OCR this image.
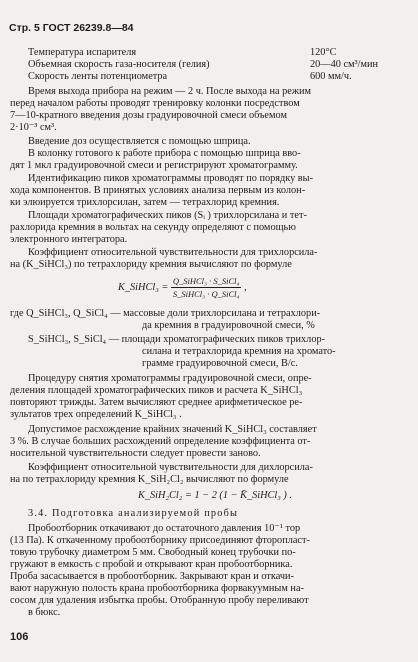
Стр. 5 ГОСТ 26239.8—84
Температура испарителя	120°С
Объемная скорость газа-носителя (гелия)	20—40 см³/мин
Скорость ленты потенциометра	600 мм/ч.
Время выхода прибора на режим — 2 ч. После выхода на режим
перед началом работы проводят тренировку колонки посредством
7—10-кратного введения дозы градуировочной смеси объемом
2·10⁻³ см³.
Введение доз осуществляется с помощью шприца.
В колонку готового к работе прибора с помощью шприца вво-
дят 1 мкл градуировочной смеси и регистрируют хроматограмму.
Идентификацию пиков хроматограммы проводят по порядку вы-
хода компонентов. В принятых условиях анализа первым из колон-
ки элюируется трихлорсилан, затем — тетрахлорид кремния.
Площади хроматографических пиков (Sᵢ ) трихлорсилана и тет-
рахлорида кремния в вольтах на секунду определяют с помощью
электронного интегратора.
Коэффициент относительной чувствительности для трихлорсила-
на (K_SiHCl₃) по тетрахлориду кремния вычисляют по формуле
K_SiHCl₃ = $\frac{\text{Q\_SiHCl₃ · S\_SiCl₄}}{\text{S\_SiHCl₃ · Q\_SiCl₄}}$ ,
где Q_SiHCl₃, Q_SiCl₄ — массовые доли трихлорсилана и тетрахлори-
да кремния в градуировочной смеси, %
S_SiHCl₃, S_SiCl₄ — площади хроматографических пиков трихлор-
силана и тетрахлорида кремния на хромато-
грамме градуировочной смеси, В/с.
Процедуру снятия хроматограммы градуировочной смеси, опре-
деления площадей хроматографических пиков и расчета K_SiHCl₃
повторяют трижды. Затем вычисляют среднее арифметическое ре-
зультатов трех определений K̄_SiHCl₃ .
Допустимое расхождение крайних значений K_SiHCl₃ составляет
3 %. В случае больших расхождений определение коэффициента от-
носительной чувствительности следует провести заново.
Коэффициент относительной чувствительности для дихлорсила-
на по тетрахлориду кремния K_SiH₂Cl₂ вычисляют по формуле
K_SiH₂Cl₂ = 1 − 2 (1 − K̄_SiHCl₃ ) .
3.4. Подготовка анализируемой пробы
Пробоотборник откачивают до остаточного давления 10⁻¹ тор
(13 Па). К откаченному пробоотборнику присоединяют фторопласт-
товую трубочку диаметром 5 мм. Свободный конец трубочки по-
гружают в емкость с пробой и открывают кран пробоотборника.
Проба засасывается в пробоотборник. Закрывают кран и откачи-
вают наружную полость крана пробоотборника форвакуумным на-
сосом для удаления избытка пробы. Отобранную пробу переливают
в бюкс.
106
